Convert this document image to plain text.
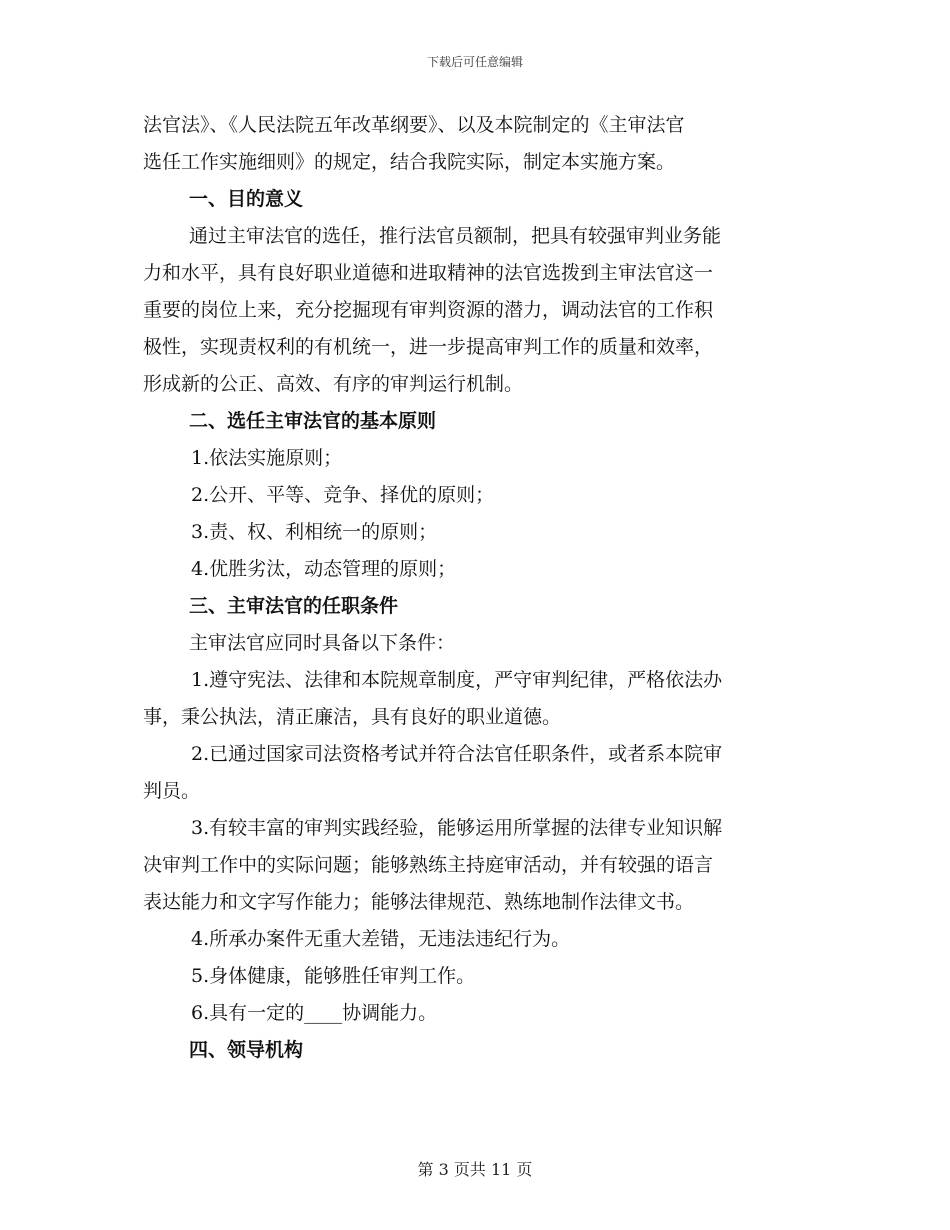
下载后可任意编辑

法官法》、《人民法院五年改革纲要》、以及本院制定的《主审法官

选任工作实施细则》的规定，结合我院实际，制定本实施方案。

一、目的意义

通过主审法官的选任，推行法官员额制，把具有较强审判业务能

力和水平，具有良好职业道德和进取精神的法官选拨到主审法官这一

重要的岗位上来，充分挖掘现有审判资源的潜力，调动法官的工作积

极性，实现责权利的有机统一，进一步提高审判工作的质量和效率，

形成新的公正、高效、有序的审判运行机制。

二、选任主审法官的基本原则

1.依法实施原则；

2.公开、平等、竞争、择优的原则；

3.责、权、利相统一的原则；

4.优胜劣汰，动态管理的原则；

三、主审法官的任职条件

主审法官应同时具备以下条件：

1.遵守宪法、法律和本院规章制度，严守审判纪律，严格依法办

事，秉公执法，清正廉洁，具有良好的职业道德。

2.已通过国家司法资格考试并符合法官任职条件，或者系本院审

判员。

3.有较丰富的审判实践经验，能够运用所掌握的法律专业知识解

决审判工作中的实际问题；能够熟练主持庭审活动，并有较强的语言

表达能力和文字写作能力；能够法律规范、熟练地制作法律文书。

4.所承办案件无重大差错，无违法违纪行为。

5.身体健康，能够胜任审判工作。

6.具有一定的____协调能力。

四、领导机构

第 3 页共 11 页
